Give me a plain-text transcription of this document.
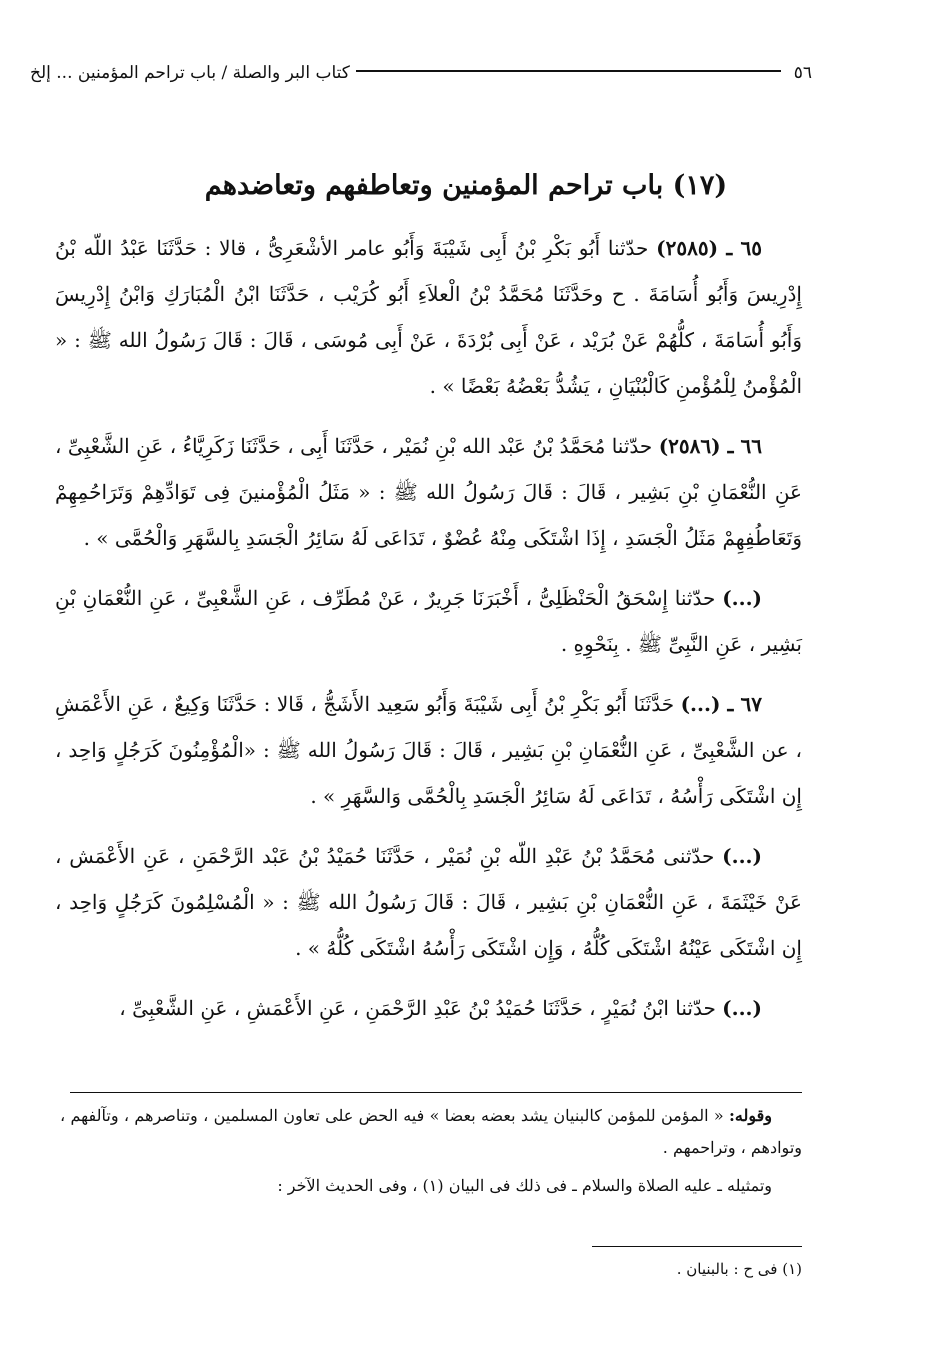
٥٦
كتاب البر والصلة / باب تراحم المؤمنين ... إلخ
(١٧) باب تراحم المؤمنين وتعاطفهم وتعاضدهم

٦٥ ـ (٢٥٨٥) حدّثنا أَبُو بَكْرِ بْنُ أَبِى شَيْبَةَ وَأَبُو عامر الأشْعَرِىُّ ، قالا : حَدَّثَنَا عَبْدُ اللّه بْنُ إِدْرِيسَ وَأَبُو أُسَامَةَ . ح وحَدَّثَنَا مُحَمَّدُ بْنُ الْعلاَءِ أَبُو كُرَيْب ، حَدَّثَنَا ابْنُ الْمُبَارَكِ وَابْنُ إِدْرِيسَ وَأَبُو أُسَامَةَ ، كلُّهُمْ عَنْ بُرَيْد ، عَنْ أَبِى بُرْدَةَ ، عَنْ أَبِى مُوسَى ، قَالَ : قَالَ رَسُولُ الله ﷺ : « الْمُؤْمنُ لِلْمُؤْمنِ كَالْبُنْيَانِ ، يَشُدُّ بَعْضُهُ بَعْضًا » .

٦٦ ـ (٢٥٨٦) حدّثنا مُحَمَّدُ بْنُ عَبْد الله بْنِ نُمَيْر ، حَدَّثَنَا أَبِى ، حَدَّثَنَا زَكَرِيَّاءُ ، عَنِ الشَّعْبِىِّ ، عَنِ النُّعْمَانِ بْنِ بَشِير ، قَالَ : قَالَ رَسُولُ الله ﷺ : « مَثَلُ الْمُؤْمنينَ فِى تَوَادِّهِمْ وَتَرَاحُمِهِمْ وَتَعَاطُفِهِمْ مَثَلُ الْجَسَدِ ، إِذَا اشْتَكَى مِنْهُ عُضْوٌ ، تَدَاعَى لَهُ سَائِرُ الْجَسَدِ بِالسَّهَرِ وَالْحُمَّى » .

(...) حدّثنا إِسْحَقُ الْحَنْظَلِىُّ ، أَخْبَرَنَا جَرِيرٌ ، عَنْ مُطَرِّف ، عَنِ الشَّعْبِىِّ ، عَنِ النُّعْمَانِ بْنِ بَشِير ، عَنِ النَّبِىِّ ﷺ . بِنَحْوِهِ .

٦٧ ـ (...) حَدَّثَنَا أَبُو بَكْرِ بْنُ أَبِى شَيْبَةَ وَأَبُو سَعِيد الأَشَجُّ ، قَالا : حَدَّثَنَا وَكِيعٌ ، عَنِ الأَعْمَشِ ، عن الشَّعْبِىِّ ، عَنِ النُّعْمَانِ بْنِ بَشِير ، قَالَ : قَالَ رَسُولُ الله ﷺ : «الْمُؤْمِنُونَ كَرَجُلٍ وَاحِد ، إِن اشْتَكَى رَأْسُهُ ، تَدَاعَى لَهُ سَائِرُ الْجَسَدِ بِالْحُمَّى وَالسَّهَرِ » .

(...) حدّثنى مُحَمَّدُ بْنُ عَبْدِ اللّه بْنِ نُمَيْر ، حَدَّثَنَا حُمَيْدُ بْنُ عَبْد الرَّحْمَنِ ، عَنِ الأَعْمَش ، عَنْ خَيْثَمَةَ ، عَنِ النُّعْمَانِ بْنِ بَشِير ، قَالَ : قَالَ رَسُولُ الله ﷺ : « الْمُسْلِمُونَ كَرَجُلٍ وَاحِد ، إِن اشْتَكَى عَيْنُهُ اشْتَكَى كُلُّهُ ، وَإِن اشْتَكَى رَأْسُهُ اشْتَكَى كُلُّهُ » .

(...) حدّثنا ابْنُ نُمَيْرٍ ، حَدَّثَنَا حُمَيْدُ بْنُ عَبْدِ الرَّحْمَنِ ، عَنِ الأَعْمَشِ ، عَنِ الشَّعْبِىِّ ،

وقوله: « المؤمن للمؤمن كالبنيان يشد بعضه بعضا » فيه الحض على تعاون المسلمين ، وتناصرهم ، وتآلفهم ، وتوادهم ، وتراحمهم .

وتمثيله ـ عليه الصلاة والسلام ـ فى ذلك فى البيان (١) ، وفى الحديث الآخر :

(١) فى ح : بالبنيان .
